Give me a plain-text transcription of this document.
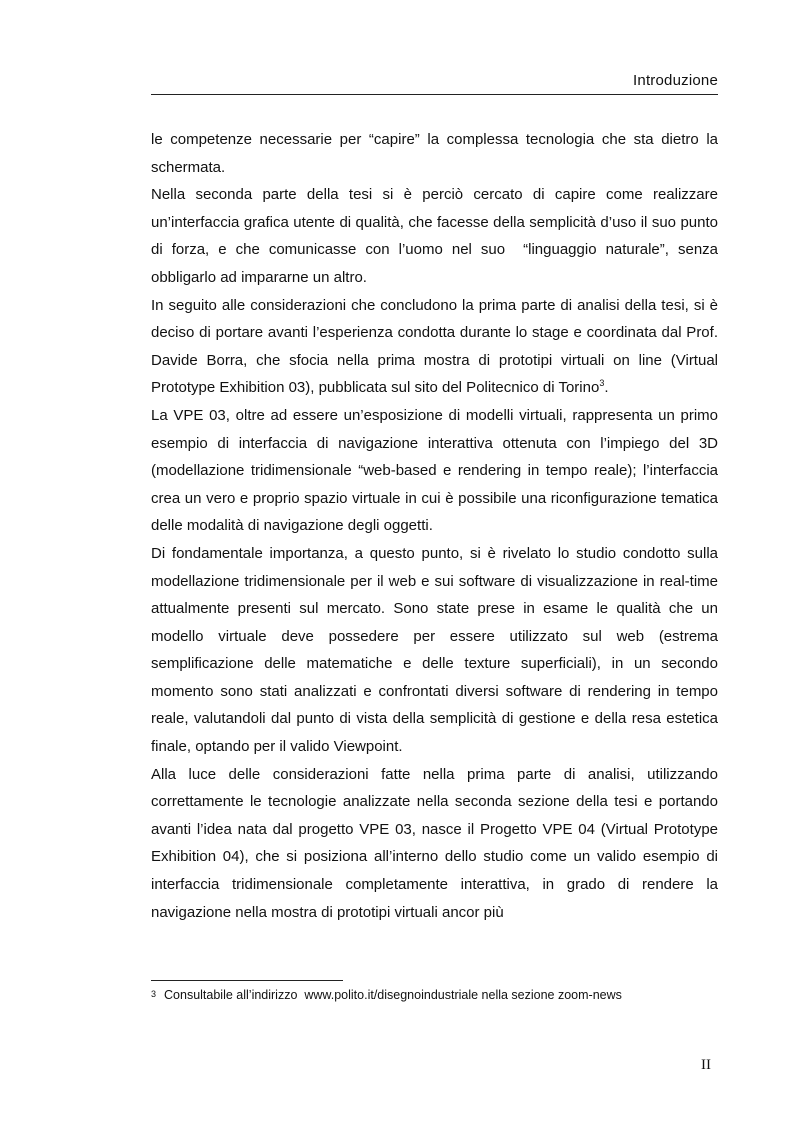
Introduzione
le competenze necessarie per “capire” la complessa tecnologia che sta dietro la schermata.
Nella seconda parte della tesi si è perciò cercato di capire come realizzare un’interfaccia grafica utente di qualità, che facesse della semplicità d’uso il suo punto di forza, e che comunicasse con l’uomo nel suo  “linguaggio naturale”, senza obbligarlo ad impararne un altro.
In seguito alle considerazioni che concludono la prima parte di analisi della tesi, si è deciso di portare avanti l’esperienza condotta durante lo stage e coordinata dal Prof. Davide Borra, che sfocia nella prima mostra di prototipi virtuali on line (Virtual Prototype Exhibition 03), pubblicata sul sito del Politecnico di Torino$^3$.
La VPE 03, oltre ad essere un’esposizione di modelli virtuali, rappresenta un primo esempio di interfaccia di navigazione interattiva ottenuta con l’impiego del 3D (modellazione tridimensionale “web-based e rendering in tempo reale); l’interfaccia crea un vero e proprio spazio virtuale in cui è possibile una riconfigurazione tematica delle modalità di navigazione degli oggetti.
Di fondamentale importanza, a questo punto, si è rivelato lo studio condotto sulla modellazione tridimensionale per il web e sui software di visualizzazione in real-time attualmente presenti sul mercato. Sono state prese in esame le qualità che un modello virtuale deve possedere per essere utilizzato sul web (estrema semplificazione delle matematiche e delle texture superficiali), in un secondo momento sono stati analizzati e confrontati diversi software di rendering in tempo reale, valutandoli dal punto di vista della semplicità di gestione e della resa estetica finale, optando per il valido Viewpoint.
Alla luce delle considerazioni fatte nella prima parte di analisi, utilizzando correttamente le tecnologie analizzate nella seconda sezione della tesi e portando avanti l’idea nata dal progetto VPE 03, nasce il Progetto VPE 04 (Virtual Prototype Exhibition 04), che si posiziona all’interno dello studio come un valido esempio di interfaccia tridimensionale completamente interattiva, in grado di rendere la navigazione nella mostra di prototipi virtuali ancor più
$^3$ Consultabile all’indirizzo  www.polito.it/disegnoindustriale nella sezione zoom-news
II
